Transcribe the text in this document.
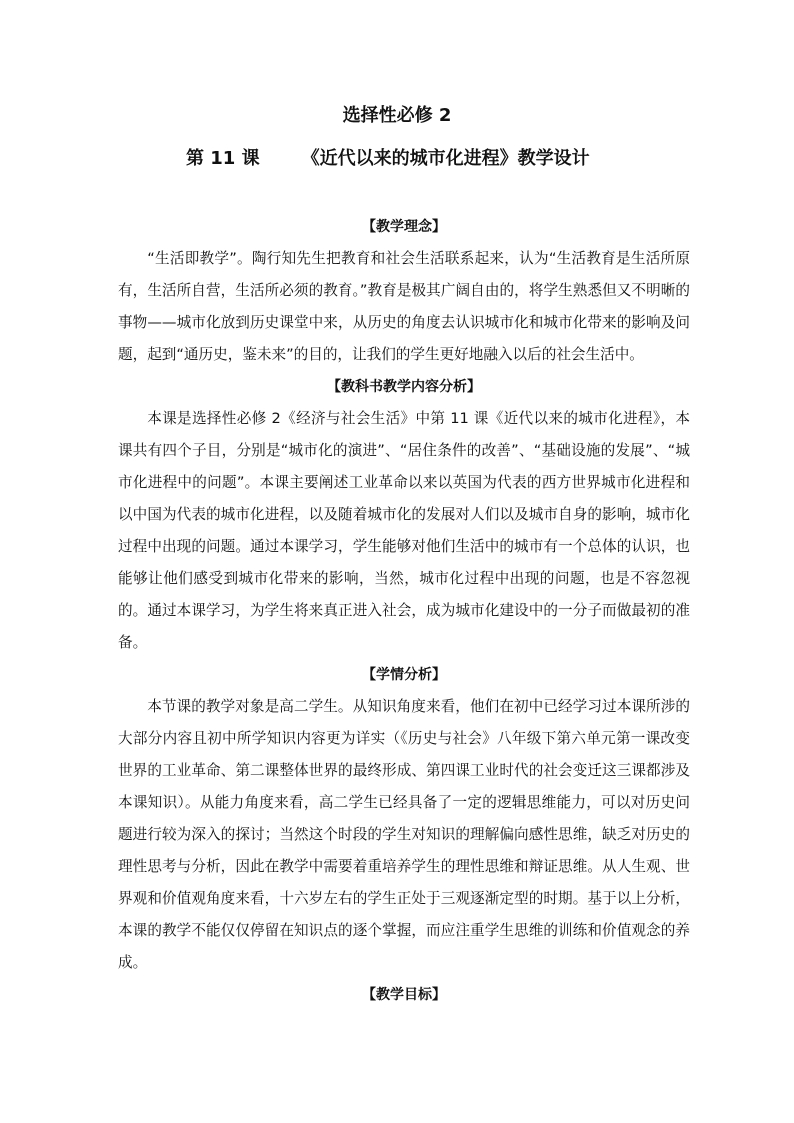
选择性必修 2
第 11 课 《近代以来的城市化进程》教学设计
【教学理念】

“生活即教学”。陶行知先生把教育和社会生活联系起来，认为“生活教育是生活所原有，生活所自营，生活所必须的教育。”教育是极其广阔自由的，将学生熟悉但又不明晰的事物——城市化放到历史课堂中来，从历史的角度去认识城市化和城市化带来的影响及问题，起到“通历史，鉴未来”的目的，让我们的学生更好地融入以后的社会生活中。

【教科书教学内容分析】

本课是选择性必修 2《经济与社会生活》中第 11 课《近代以来的城市化进程》，本课共有四个子目，分别是“城市化的演进”、“居住条件的改善”、“基础设施的发展”、“城市化进程中的问题”。本课主要阐述工业革命以来以英国为代表的西方世界城市化进程和以中国为代表的城市化进程，以及随着城市化的发展对人们以及城市自身的影响，城市化过程中出现的问题。通过本课学习，学生能够对他们生活中的城市有一个总体的认识，也能够让他们感受到城市化带来的影响，当然，城市化过程中出现的问题，也是不容忽视的。通过本课学习，为学生将来真正进入社会，成为城市化建设中的一分子而做最初的准备。

【学情分析】

本节课的教学对象是高二学生。从知识角度来看，他们在初中已经学习过本课所涉的大部分内容且初中所学知识内容更为详实（《历史与社会》八年级下第六单元第一课改变世界的工业革命、第二课整体世界的最终形成、第四课工业时代的社会变迁这三课都涉及本课知识）。从能力角度来看，高二学生已经具备了一定的逻辑思维能力，可以对历史问题进行较为深入的探讨；当然这个时段的学生对知识的理解偏向感性思维，缺乏对历史的理性思考与分析，因此在教学中需要着重培养学生的理性思维和辩证思维。从人生观、世界观和价值观角度来看，十六岁左右的学生正处于三观逐渐定型的时期。基于以上分析，本课的教学不能仅仅停留在知识点的逐个掌握，而应注重学生思维的训练和价值观念的养成。

【教学目标】
